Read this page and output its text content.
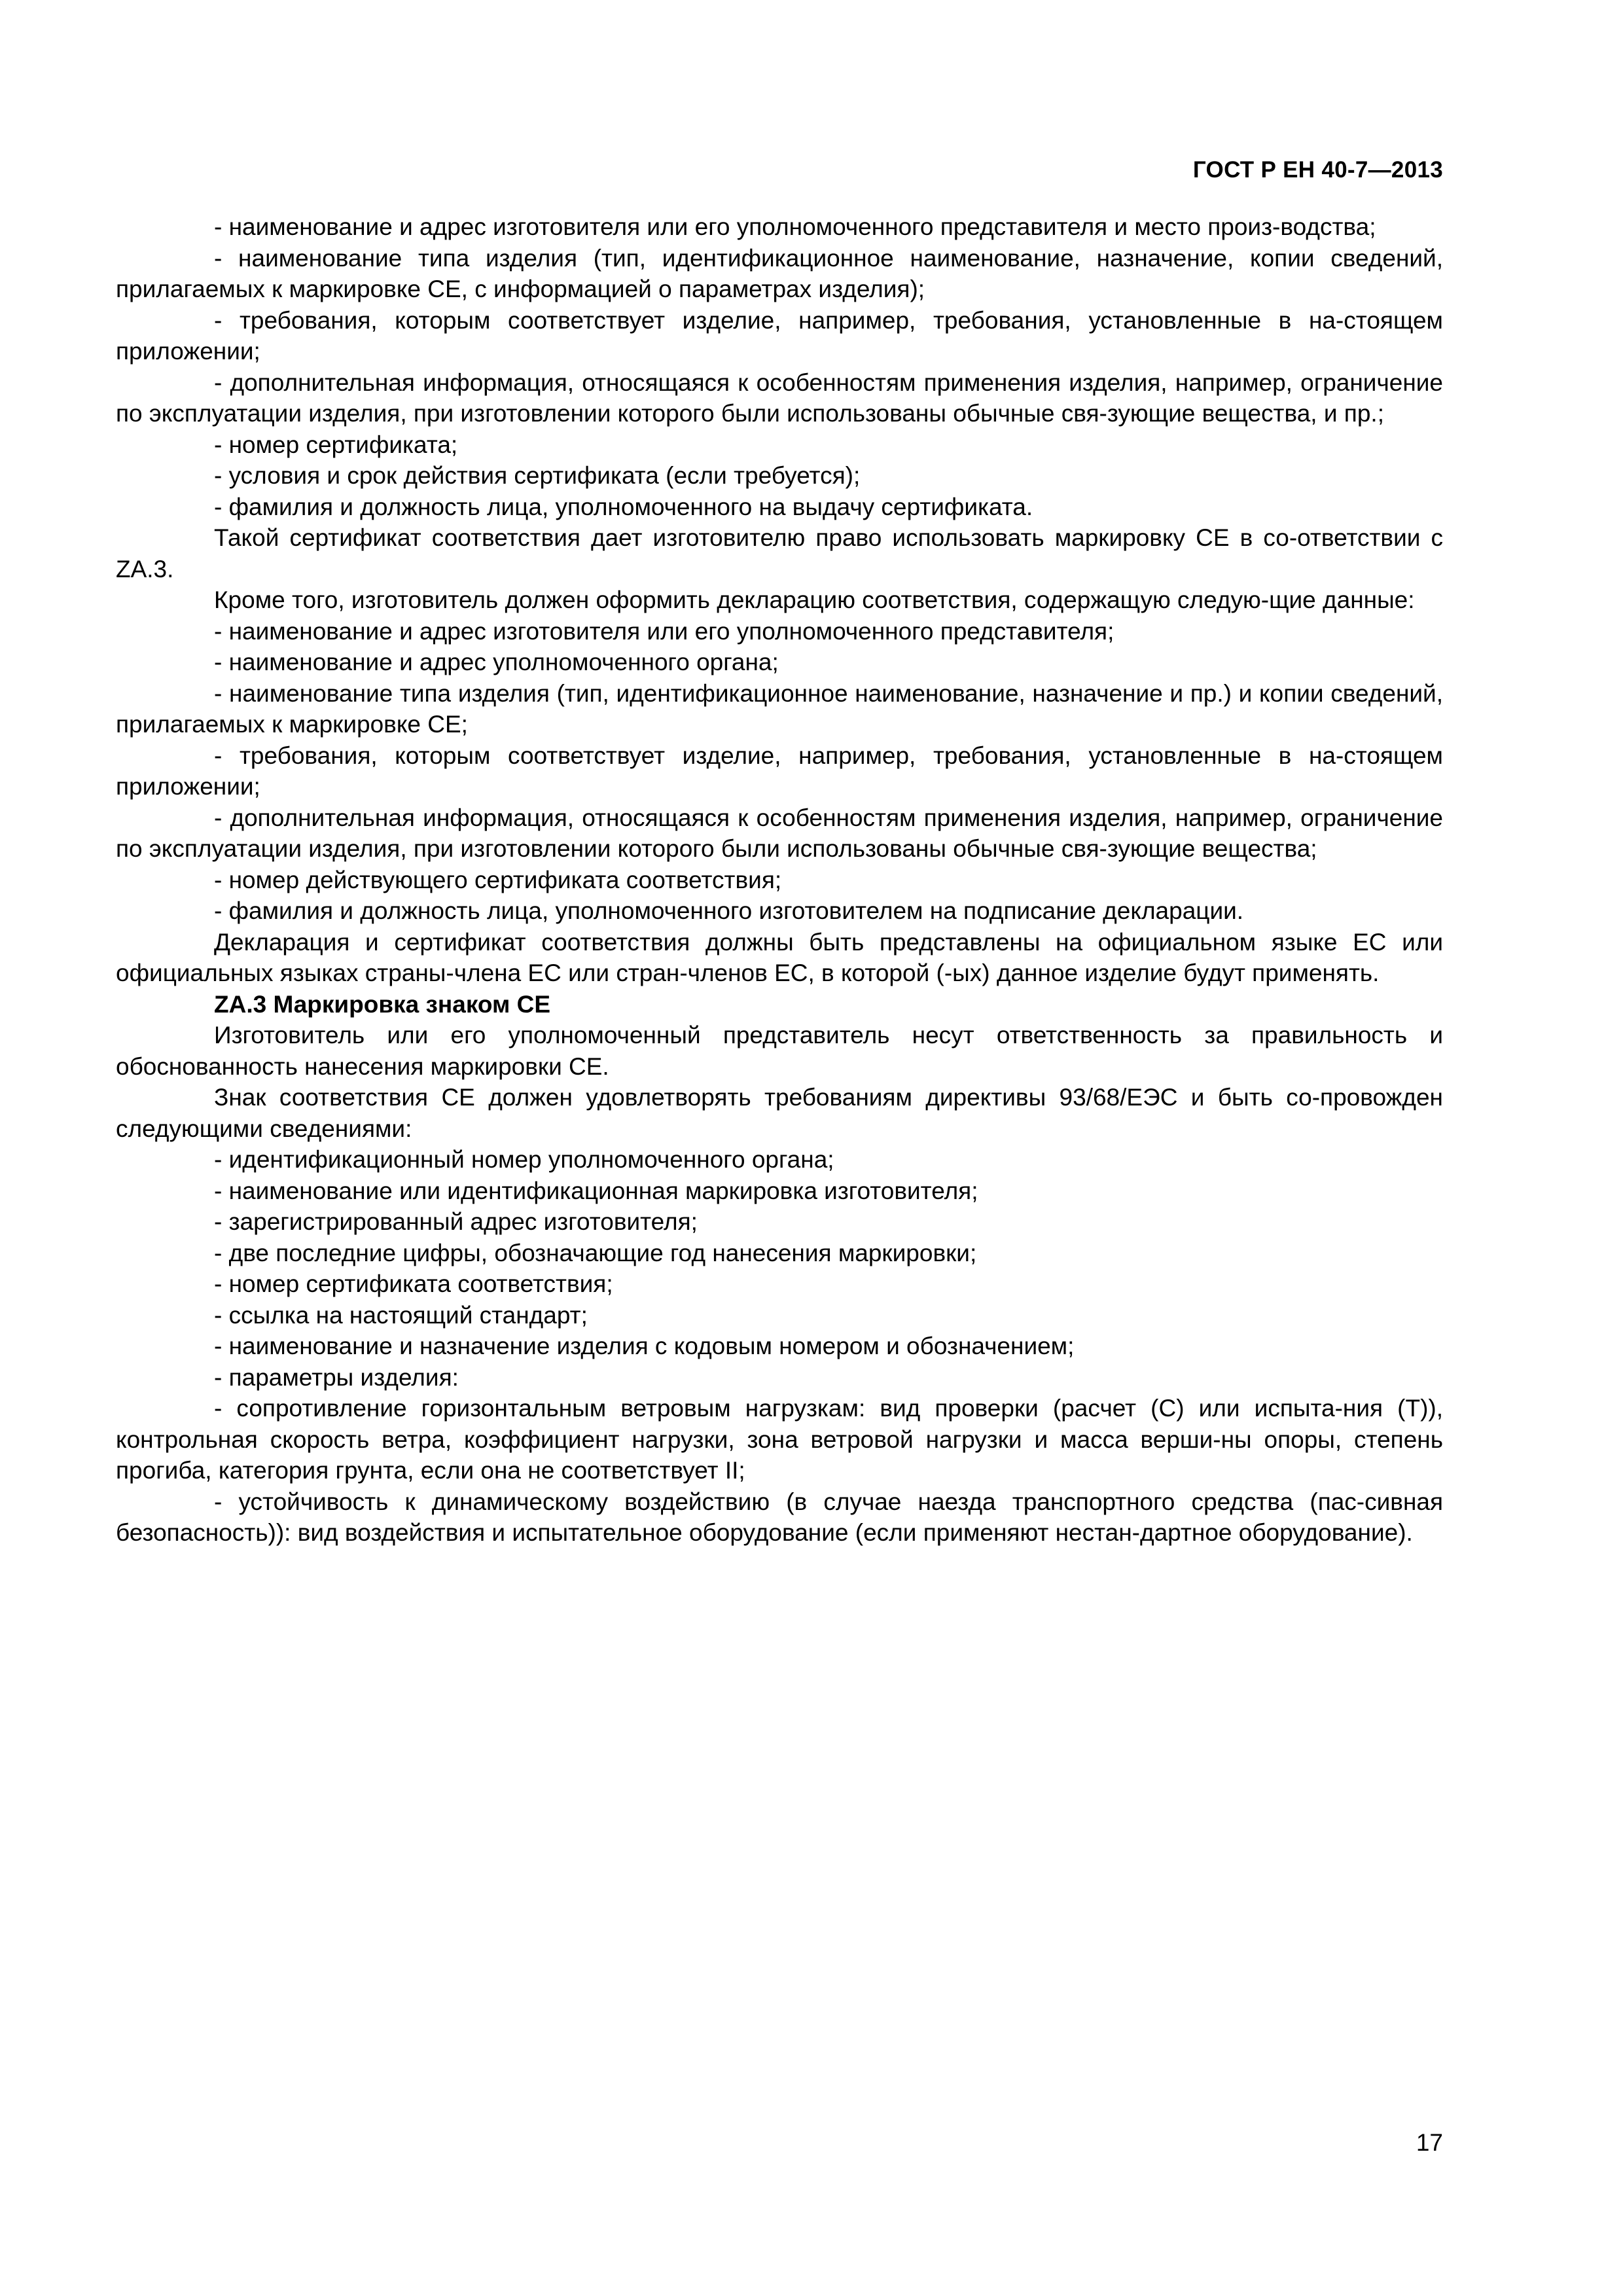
ГОСТ Р ЕН 40-7—2013

- наименование и адрес изготовителя или его уполномоченного представителя и место произ-водства;

- наименование типа изделия (тип, идентификационное наименование, назначение, копии сведений, прилагаемых к маркировке СЕ, с информацией о параметрах изделия);

- требования, которым соответствует изделие, например, требования, установленные в на-стоящем приложении;

- дополнительная информация, относящаяся к особенностям применения изделия, например, ограничение по эксплуатации изделия, при изготовлении которого были использованы обычные свя-зующие вещества, и пр.;

- номер сертификата;

- условия и срок действия сертификата (если требуется);

- фамилия и должность лица, уполномоченного на выдачу сертификата.

Такой сертификат соответствия дает изготовителю право использовать маркировку СЕ в со-ответствии с ZA.3.

Кроме того, изготовитель должен оформить декларацию соответствия, содержащую следую-щие данные:

- наименование и адрес изготовителя или его уполномоченного представителя;

- наименование и адрес уполномоченного органа;

- наименование типа изделия (тип, идентификационное наименование, назначение и пр.) и копии сведений, прилагаемых к маркировке СЕ;

- требования, которым соответствует изделие, например, требования, установленные в на-стоящем приложении;

- дополнительная информация, относящаяся к особенностям применения изделия, например, ограничение по эксплуатации изделия, при изготовлении которого были использованы обычные свя-зующие вещества;

- номер действующего сертификата соответствия;

- фамилия и должность лица, уполномоченного изготовителем на подписание декларации.

Декларация и сертификат соответствия должны быть представлены на официальном языке ЕС или официальных языках страны-члена ЕС или стран-членов ЕС, в которой (-ых) данное изделие будут применять.

ZA.3 Маркировка знаком СЕ

Изготовитель или его уполномоченный представитель несут ответственность за правильность и обоснованность нанесения маркировки СЕ.

Знак соответствия СЕ должен удовлетворять требованиям директивы 93/68/ЕЭС и быть со-провожден следующими сведениями:

- идентификационный номер уполномоченного органа;

- наименование или идентификационная маркировка изготовителя;

- зарегистрированный адрес изготовителя;

- две последние цифры, обозначающие год нанесения маркировки;

- номер сертификата соответствия;

- ссылка на настоящий стандарт;

- наименование и назначение изделия с кодовым номером и обозначением;

- параметры изделия:

- сопротивление горизонтальным ветровым нагрузкам: вид проверки (расчет (С) или испыта-ния (Т)), контрольная скорость ветра, коэффициент нагрузки, зона ветровой нагрузки и масса верши-ны опоры, степень прогиба, категория грунта, если она не соответствует II;

- устойчивость к динамическому воздействию (в случае наезда транспортного средства (пас-сивная безопасность)): вид воздействия и испытательное оборудование (если применяют нестан-дартное оборудование).

17
